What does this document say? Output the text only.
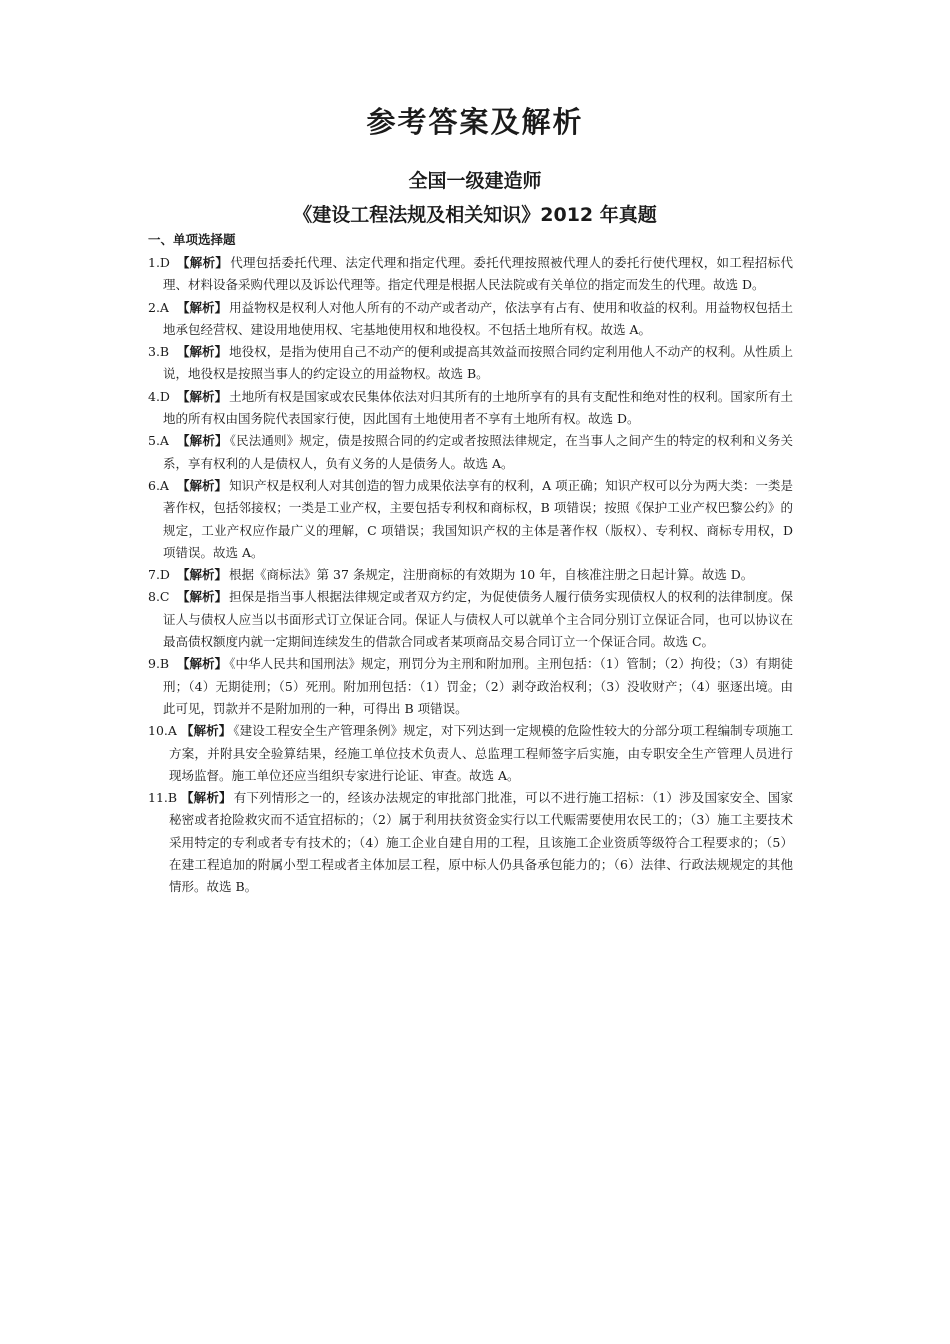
参考答案及解析
全国一级建造师
《建设工程法规及相关知识》2012 年真题
一、单项选择题

1.D 【解析】 代理包括委托代理、法定代理和指定代理。委托代理按照被代理人的委托行使代理权，如工程招标代理、材料设备采购代理以及诉讼代理等。指定代理是根据人民法院或有关单位的指定而发生的代理。故选 D。

2.A 【解析】 用益物权是权利人对他人所有的不动产或者动产，依法享有占有、使用和收益的权利。用益物权包括土地承包经营权、建设用地使用权、宅基地使用权和地役权。不包括土地所有权。故选 A。

3.B 【解析】 地役权，是指为使用自己不动产的便利或提高其效益而按照合同约定利用他人不动产的权利。从性质上说，地役权是按照当事人的约定设立的用益物权。故选 B。

4.D 【解析】 土地所有权是国家或农民集体依法对归其所有的土地所享有的具有支配性和绝对性的权利。国家所有土地的所有权由国务院代表国家行使，因此国有土地使用者不享有土地所有权。故选 D。

5.A 【解析】 《民法通则》规定，债是按照合同的约定或者按照法律规定，在当事人之间产生的特定的权利和义务关系，享有权利的人是债权人，负有义务的人是债务人。故选 A。

6.A 【解析】 知识产权是权利人对其创造的智力成果依法享有的权利，A 项正确；知识产权可以分为两大类：一类是著作权，包括邻接权；一类是工业产权，主要包括专利权和商标权，B 项错误；按照《保护工业产权巴黎公约》的规定，工业产权应作最广义的理解，C 项错误；我国知识产权的主体是著作权（版权）、专利权、商标专用权，D 项错误。故选 A。

7.D 【解析】 根据《商标法》第 37 条规定，注册商标的有效期为 10 年，自核准注册之日起计算。故选 D。

8.C 【解析】 担保是指当事人根据法律规定或者双方约定，为促使债务人履行债务实现债权人的权利的法律制度。保证人与债权人应当以书面形式订立保证合同。保证人与债权人可以就单个主合同分别订立保证合同，也可以协议在最高债权额度内就一定期间连续发生的借款合同或者某项商品交易合同订立一个保证合同。故选 C。

9.B 【解析】 《中华人民共和国刑法》规定，刑罚分为主刑和附加刑。主刑包括：（1）管制；（2）拘役；（3）有期徒刑；（4）无期徒刑；（5）死刑。附加刑包括：（1）罚金；（2）剥夺政治权利；（3）没收财产；（4）驱逐出境。由此可见，罚款并不是附加刑的一种，可得出 B 项错误。

10.A 【解析】 《建设工程安全生产管理条例》规定，对下列达到一定规模的危险性较大的分部分项工程编制专项施工方案，并附具安全验算结果，经施工单位技术负责人、总监理工程师签字后实施，由专职安全生产管理人员进行现场监督。施工单位还应当组织专家进行论证、审查。故选 A。

11.B 【解析】 有下列情形之一的，经该办法规定的审批部门批准，可以不进行施工招标：（1）涉及国家安全、国家秘密或者抢险救灾而不适宜招标的；（2）属于利用扶贫资金实行以工代赈需要使用农民工的；（3）施工主要技术采用特定的专利或者专有技术的；（4）施工企业自建自用的工程，且该施工企业资质等级符合工程要求的；（5）在建工程追加的附属小型工程或者主体加层工程，原中标人仍具备承包能力的；（6）法律、行政法规规定的其他情形。故选 B。
